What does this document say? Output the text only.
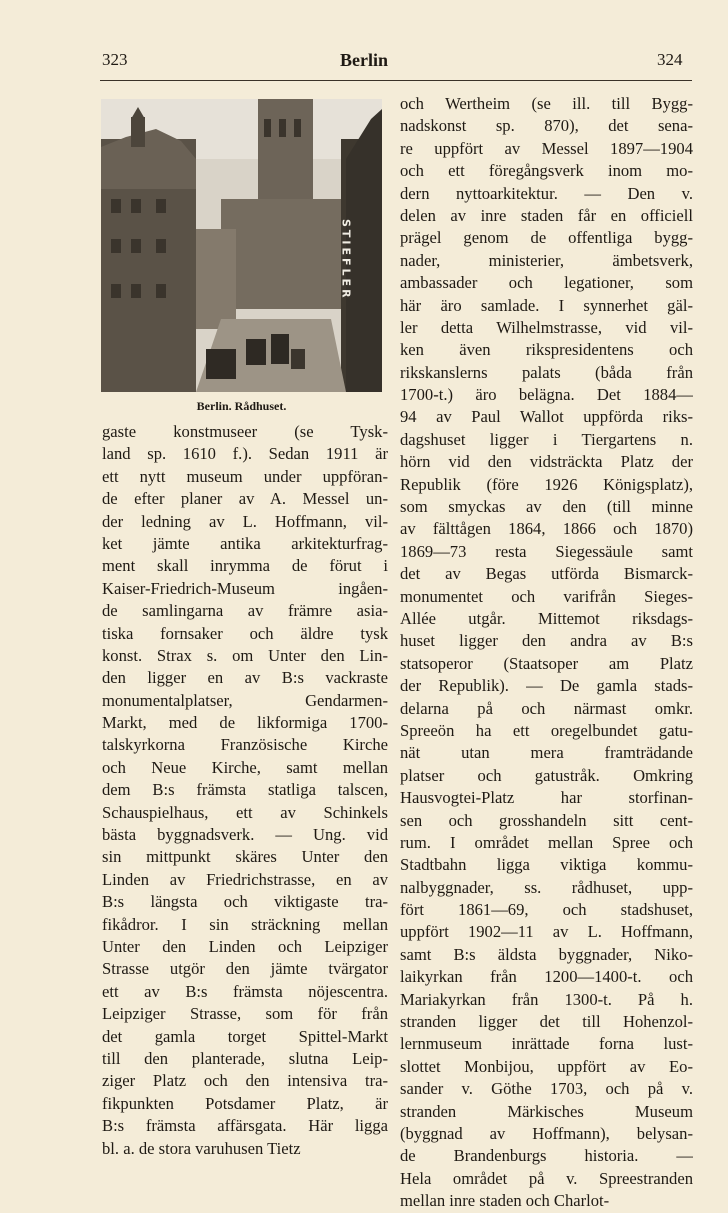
323	Berlin	324
STIEFLER
Berlin. Rådhuset.
gaste konstmuseer (se Tysk-
land sp. 1610 f.). Sedan 1911 är
ett nytt museum under uppföran-
de efter planer av A. Messel un-
der ledning av L. Hoffmann, vil-
ket jämte antika arkitekturfrag-
ment skall inrymma de förut i
Kaiser-Friedrich-Museum ingåen-
de samlingarna av främre asia-
tiska fornsaker och äldre tysk
konst. Strax s. om Unter den Lin-
den ligger en av B:s vackraste
monumentalplatser, Gendarmen-
Markt, med de likformiga 1700-
talskyrkorna Französische Kirche
och Neue Kirche, samt mellan
dem B:s främsta statliga talscen,
Schauspielhaus, ett av Schinkels
bästa byggnadsverk. — Ung. vid
sin mittpunkt skäres Unter den
Linden av Friedrichstrasse, en av
B:s längsta och viktigaste tra-
fikådror. I sin sträckning mellan
Unter den Linden och Leipziger
Strasse utgör den jämte tvärgator
ett av B:s främsta nöjescentra.
Leipziger Strasse, som för från
det gamla torget Spittel-Markt
till den planterade, slutna Leip-
ziger Platz och den intensiva tra-
fikpunkten Potsdamer Platz, är
B:s främsta affärsgata. Här ligga
bl. a. de stora varuhusen Tietz
och Wertheim (se ill. till Bygg-
nadskonst sp. 870), det sena-
re uppfört av Messel 1897—1904
och ett föregångsverk inom mo-
dern nyttoarkitektur. — Den v.
delen av inre staden får en officiell
prägel genom de offentliga bygg-
nader, ministerier, ämbetsverk,
ambassader och legationer, som
här äro samlade. I synnerhet gäl-
ler detta Wilhelmstrasse, vid vil-
ken även rikspresidentens och
rikskanslerns palats (båda från
1700-t.) äro belägna. Det 1884—
94 av Paul Wallot uppförda riks-
dagshuset ligger i Tiergartens n.
hörn vid den vidsträckta Platz der
Republik (före 1926 Königsplatz),
som smyckas av den (till minne
av fälttågen 1864, 1866 och 1870)
1869—73 resta Siegessäule samt
det av Begas utförda Bismarck-
monumentet och varifrån Sieges-
Allée utgår. Mittemot riksdags-
huset ligger den andra av B:s
statsoperor (Staatsoper am Platz
der Republik). — De gamla stads-
delarna på och närmast omkr.
Spreeön ha ett oregelbundet gatu-
nät utan mera framträdande
platser och gatustråk. Omkring
Hausvogtei-Platz har storfinan-
sen och grosshandeln sitt cent-
rum. I området mellan Spree och
Stadtbahn ligga viktiga kommu-
nalbyggnader, ss. rådhuset, upp-
fört 1861—69, och stadshuset,
uppfört 1902—11 av L. Hoffmann,
samt B:s äldsta byggnader, Niko-
laikyrkan från 1200—1400-t. och
Mariakyrkan från 1300-t. På h.
stranden ligger det till Hohenzol-
lernmuseum inrättade forna lust-
slottet Monbijou, uppfört av Eo-
sander v. Göthe 1703, och på v.
stranden Märkisches Museum
(byggnad av Hoffmann), belysan-
de Brandenburgs historia. —
Hela området på v. Spreestranden
mellan inre staden och Charlot-
